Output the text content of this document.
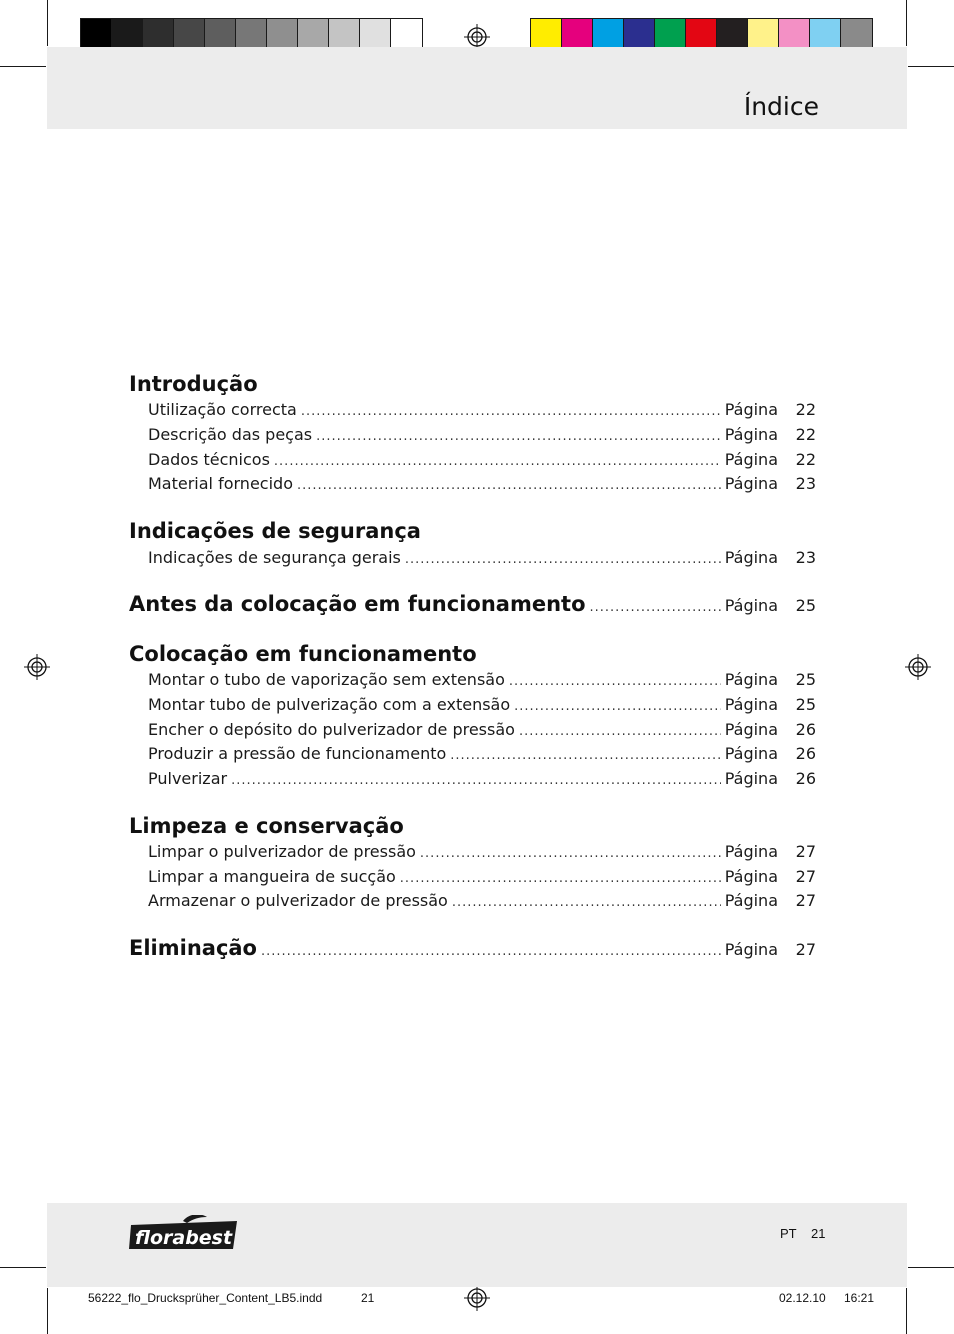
Índice
Introdução
Utilização correcta .....	Página	22
Descrição das peças .....	Página	22
Dados técnicos .....	Página	22
Material fornecido .....	Página	23
Indicações de segurança
Indicações de segurança gerais .....	Página	23
Antes da colocação em funcionamento .....	Página	25
Colocação em funcionamento
Montar o tubo de vaporização sem extensão .....	Página	25
Montar tubo de pulverização com a extensão .....	Página	25
Encher o depósito do pulverizador de pressão .....	Página	26
Produzir a pressão de funcionamento .....	Página	26
Pulverizar .....	Página	26
Limpeza e conservação
Limpar o pulverizador de pressão .....	Página	27
Limpar a mangueira de sucção .....	Página	27
Armazenar o pulverizador de pressão .....	Página	27
Eliminação .....	Página	27
florabest	PT 21
56222_flo_Drucksprüher_Content_LB5.indd	21	02.12.10 16:21
